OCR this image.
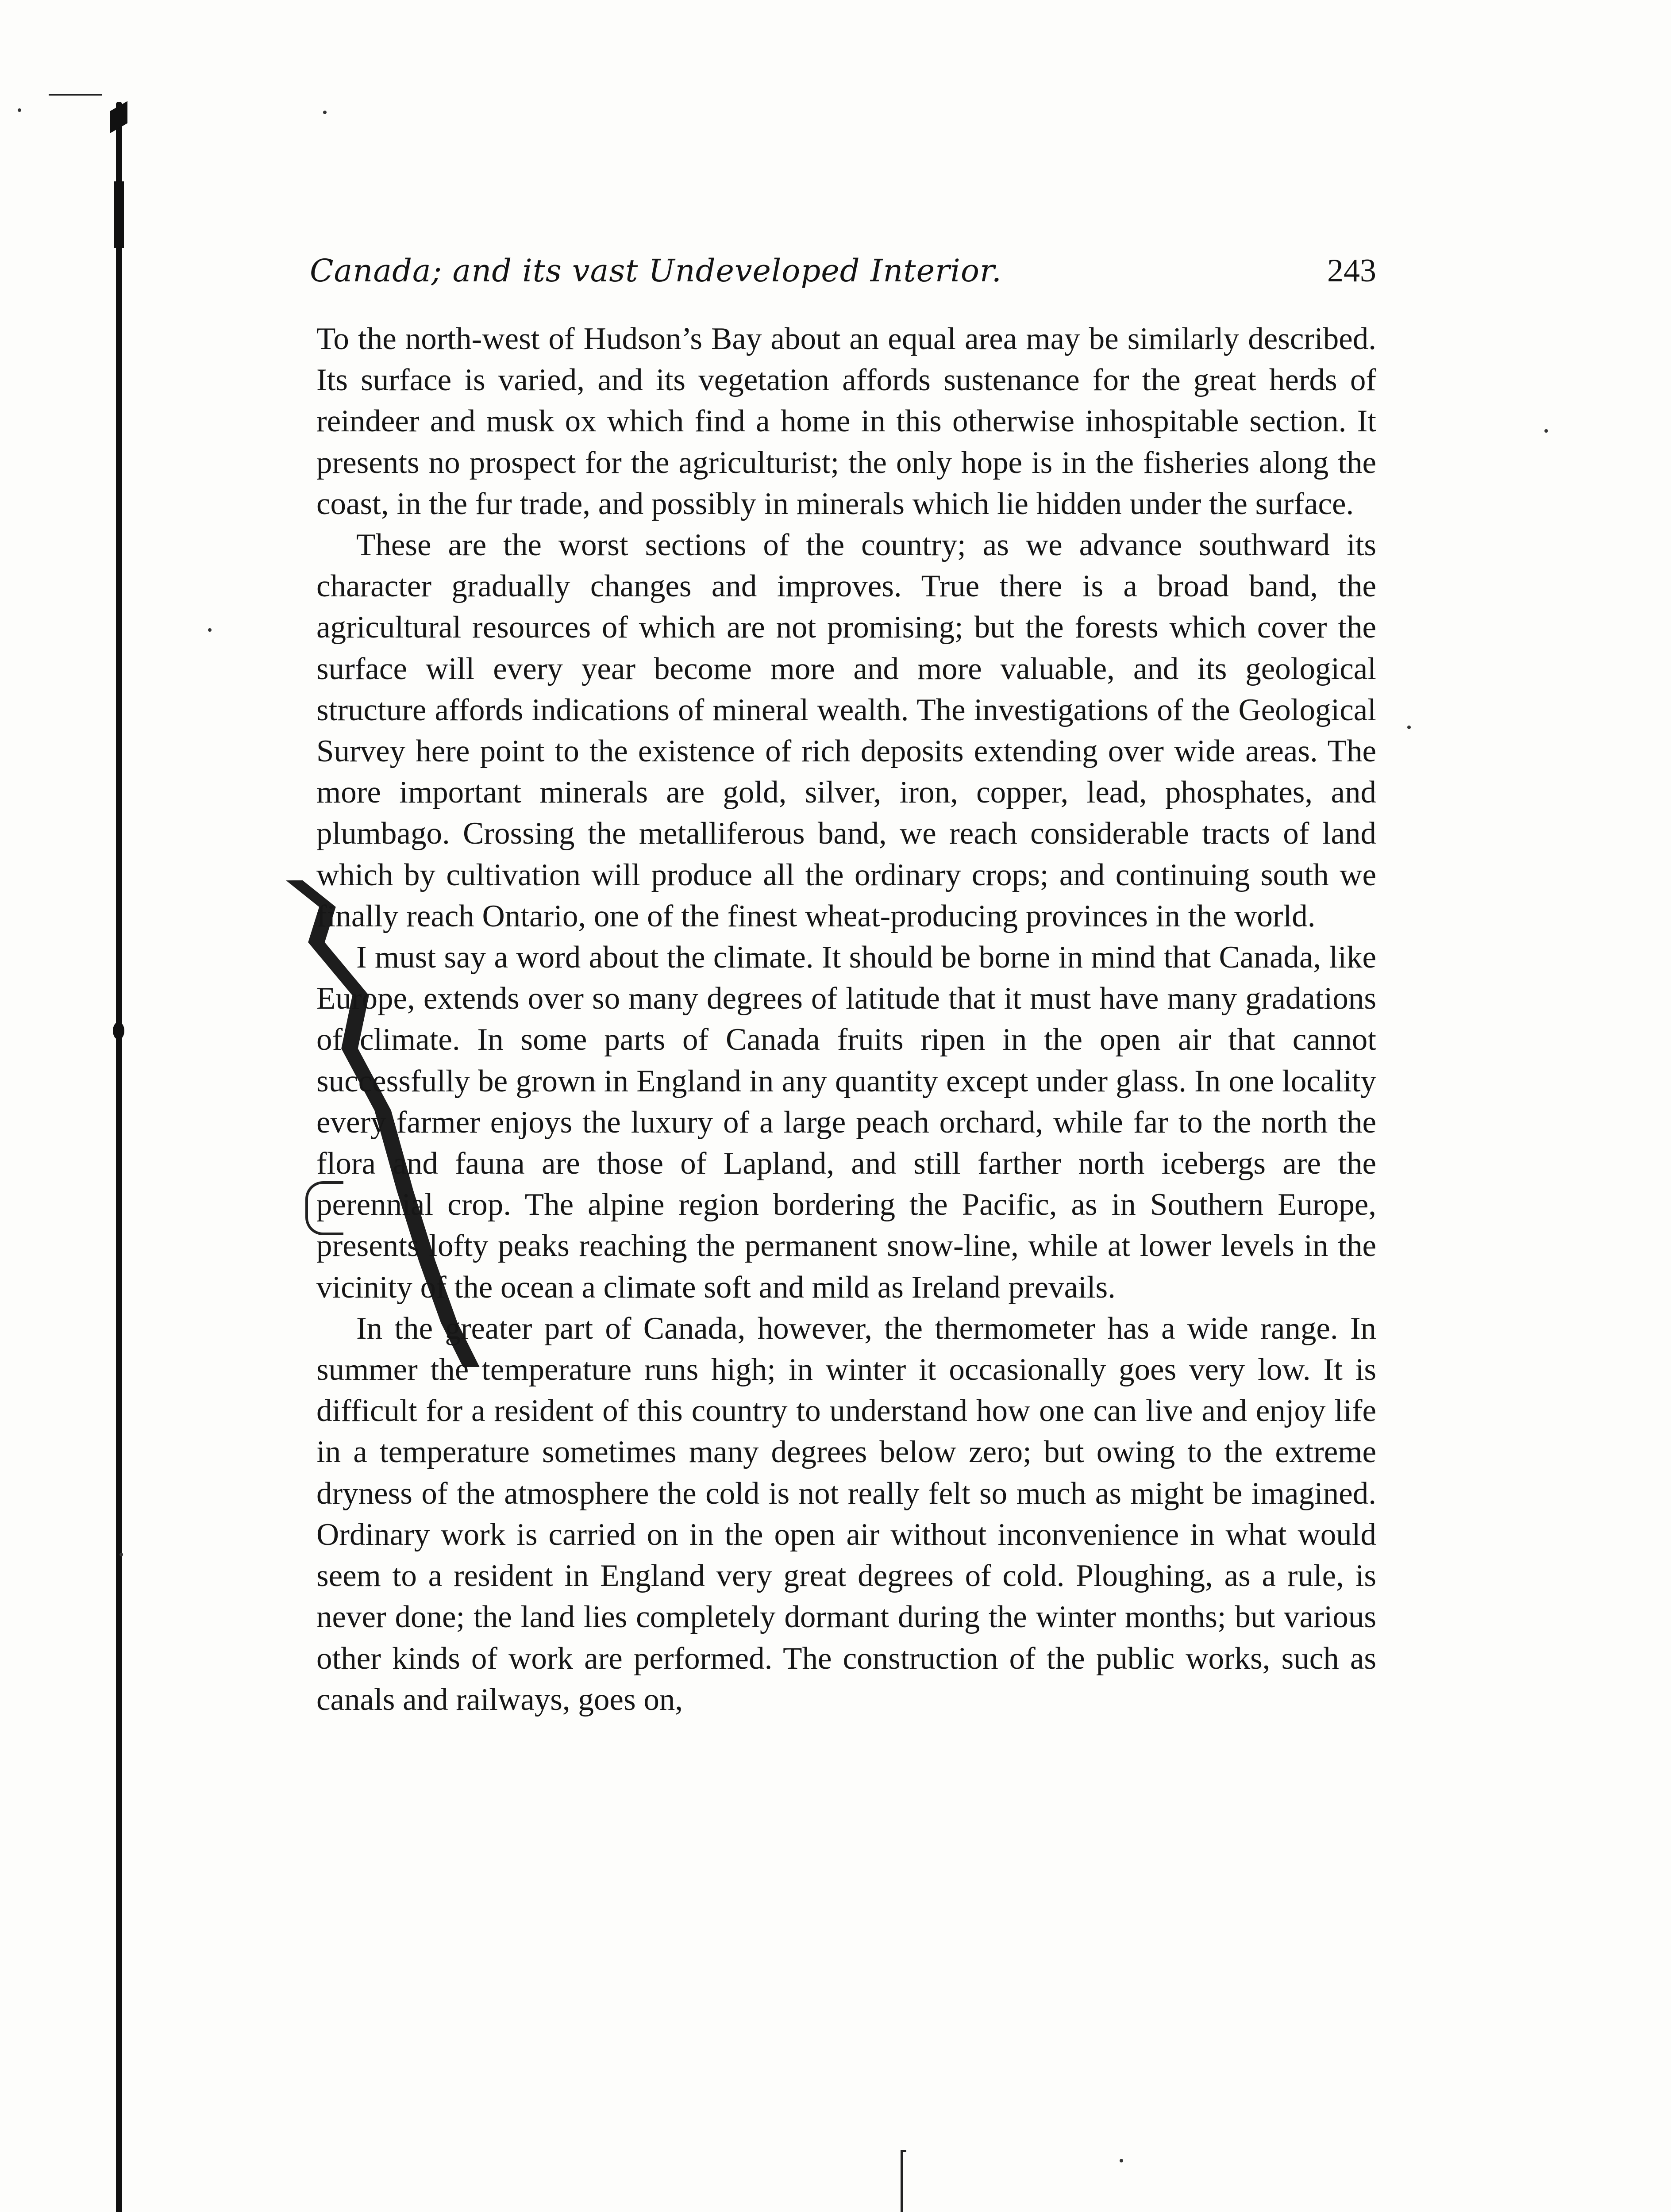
Canada; and its vast Undeveloped Interior.	243

To the north-west of Hudson’s Bay about an equal area may be similarly described. Its surface is varied, and its vegetation affords sustenance for the great herds of reindeer and musk ox which find a home in this otherwise inhospitable section. It presents no prospect for the agriculturist; the only hope is in the fisheries along the coast, in the fur trade, and possibly in minerals which lie hidden under the surface.

These are the worst sections of the country; as we advance southward its character gradually changes and improves. True there is a broad band, the agricultural resources of which are not promising; but the forests which cover the surface will every year become more and more valuable, and its geological structure affords indications of mineral wealth. The investigations of the Geological Survey here point to the existence of rich deposits extending over wide areas. The more important minerals are gold, silver, iron, copper, lead, phosphates, and plumbago. Crossing the metalliferous band, we reach considerable tracts of land which by cultivation will produce all the ordinary crops; and continuing south we finally reach Ontario, one of the finest wheat-producing provinces in the world.

I must say a word about the climate. It should be borne in mind that Canada, like Europe, extends over so many degrees of latitude that it must have many gradations of climate. In some parts of Canada fruits ripen in the open air that cannot successfully be grown in England in any quantity except under glass. In one locality every farmer enjoys the luxury of a large peach orchard, while far to the north the flora and fauna are those of Lapland, and still farther north icebergs are the perennial crop. The alpine region bordering the Pacific, as in Southern Europe, presents lofty peaks reaching the permanent snow-line, while at lower levels in the vicinity of the ocean a climate soft and mild as Ireland prevails.

In the greater part of Canada, however, the thermometer has a wide range. In summer the temperature runs high; in winter it occasionally goes very low. It is difficult for a resident of this country to understand how one can live and enjoy life in a temperature sometimes many degrees below zero; but owing to the extreme dryness of the atmosphere the cold is not really felt so much as might be imagined. Ordinary work is carried on in the open air without inconvenience in what would seem to a resident in England very great degrees of cold. Ploughing, as a rule, is never done; the land lies completely dormant during the winter months; but various other kinds of work are performed. The construction of the public works, such as canals and railways, goes on,
